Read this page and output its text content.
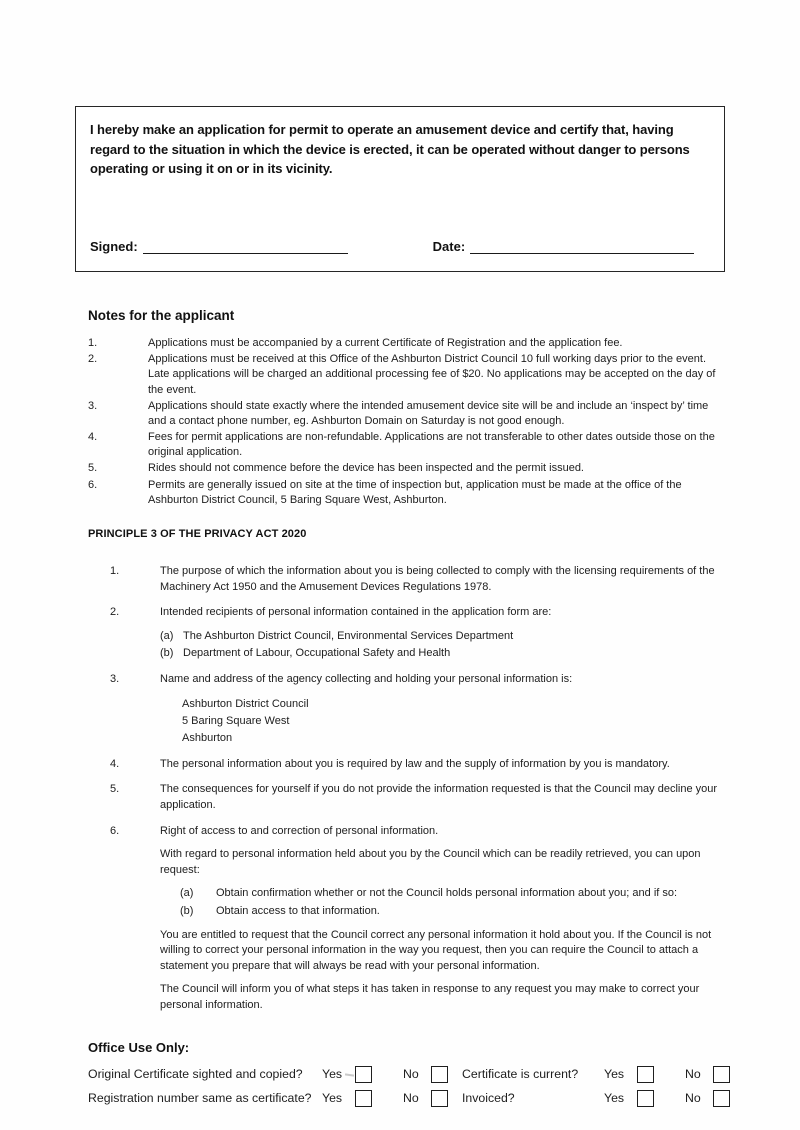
I hereby make an application for permit to operate an amusement device and certify that, having regard to the situation in which the device is erected, it can be operated without danger to persons operating or using it on or in its vicinity.

Signed:	Date:
Notes for the applicant
1.	Applications must be accompanied by a current Certificate of Registration and the application fee.
2.	Applications must be received at this Office of the Ashburton District Council 10 full working days prior to the event. Late applications will be charged an additional processing fee of $20. No applications may be accepted on the day of the event.
3.	Applications should state exactly where the intended amusement device site will be and include an ‘inspect by’ time and a contact phone number, eg. Ashburton Domain on Saturday is not good enough.
4.	Fees for permit applications are non-refundable. Applications are not transferable to other dates outside those on the original application.
5.	Rides should not commence before the device has been inspected and the permit issued.
6.	Permits are generally issued on site at the time of inspection but, application must be made at the office of the Ashburton District Council, 5 Baring Square West, Ashburton.
PRINCIPLE 3 OF THE PRIVACY ACT 2020
1.	The purpose of which the information about you is being collected to comply with the licensing requirements of the Machinery Act 1950 and the Amusement Devices Regulations 1978.
2.	Intended recipients of personal information contained in the application form are:
(a) The Ashburton District Council, Environmental Services Department
(b) Department of Labour, Occupational Safety and Health
3.	Name and address of the agency collecting and holding your personal information is:
Ashburton District Council
5 Baring Square West
Ashburton
4.	The personal information about you is required by law and the supply of information by you is mandatory.
5.	The consequences for yourself if you do not provide the information requested is that the Council may decline your application.
6.	Right of access to and correction of personal information.
With regard to personal information held about you by the Council which can be readily retrieved, you can upon request:
(a)	Obtain confirmation whether or not the Council holds personal information about you; and if so:
(b)	Obtain access to that information.
You are entitled to request that the Council correct any personal information it hold about you. If the Council is not willing to correct your personal information in the way you request, then you can require the Council to attach a statement you prepare that will always be read with your personal information.
The Council will inform you of what steps it has taken in response to any request you may make to correct your personal information.
Office Use Only:
Original Certificate sighted and copied?	Yes	No	Certificate is current?	Yes	No
Registration number same as certificate? Yes	No	Invoiced?	Yes	No
